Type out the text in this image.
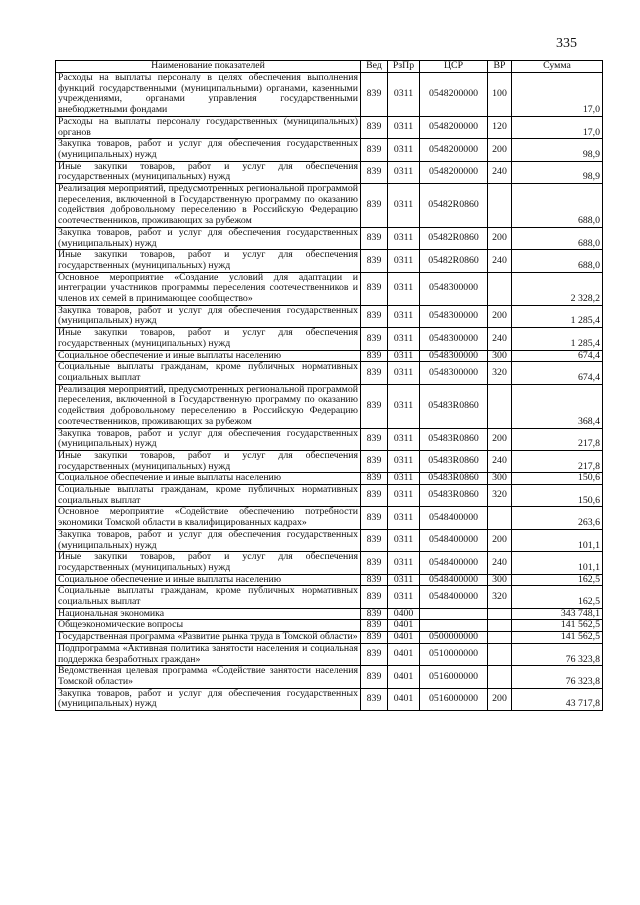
335
Наименование показателей	Вед	РзПр	ЦСР	ВР	Сумма
Расходы на выплаты персоналу в целях обеспечения выполнения функций государственными (муниципальными) органами, казенными учреждениями, органами управления государственными внебюджетными фондами	839	0311	0548200000	100	17,0
Расходы на выплаты персоналу государственных (муниципальных) органов	839	0311	0548200000	120	17,0
Закупка товаров, работ и услуг для обеспечения государственных (муниципальных) нужд	839	0311	0548200000	200	98,9
Иные закупки товаров, работ и услуг для обеспечения государственных (муниципальных) нужд	839	0311	0548200000	240	98,9
Реализация мероприятий, предусмотренных региональной программой переселения, включенной в Государственную программу по оказанию содействия добровольному переселению в Российскую Федерацию соотечественников, проживающих за рубежом	839	0311	05482R0860		688,0
Закупка товаров, работ и услуг для обеспечения государственных (муниципальных) нужд	839	0311	05482R0860	200	688,0
Иные закупки товаров, работ и услуг для обеспечения государственных (муниципальных) нужд	839	0311	05482R0860	240	688,0
Основное мероприятие «Создание условий для адаптации и интеграции участников программы переселения соотечественников и членов их семей в принимающее сообщество»	839	0311	0548300000		2 328,2
Закупка товаров, работ и услуг для обеспечения государственных (муниципальных) нужд	839	0311	0548300000	200	1 285,4
Иные закупки товаров, работ и услуг для обеспечения государственных (муниципальных) нужд	839	0311	0548300000	240	1 285,4
Социальное обеспечение и иные выплаты населению	839	0311	0548300000	300	674,4
Социальные выплаты гражданам, кроме публичных нормативных социальных выплат	839	0311	0548300000	320	674,4
Реализация мероприятий, предусмотренных региональной программой переселения, включенной в Государственную программу по оказанию содействия добровольному переселению в Российскую Федерацию соотечественников, проживающих за рубежом	839	0311	05483R0860		368,4
Закупка товаров, работ и услуг для обеспечения государственных (муниципальных) нужд	839	0311	05483R0860	200	217,8
Иные закупки товаров, работ и услуг для обеспечения государственных (муниципальных) нужд	839	0311	05483R0860	240	217,8
Социальное обеспечение и иные выплаты населению	839	0311	05483R0860	300	150,6
Социальные выплаты гражданам, кроме публичных нормативных социальных выплат	839	0311	05483R0860	320	150,6
Основное мероприятие «Содействие обеспечению потребности экономики Томской области в квалифицированных кадрах»	839	0311	0548400000		263,6
Закупка товаров, работ и услуг для обеспечения государственных (муниципальных) нужд	839	0311	0548400000	200	101,1
Иные закупки товаров, работ и услуг для обеспечения государственных (муниципальных) нужд	839	0311	0548400000	240	101,1
Социальное обеспечение и иные выплаты населению	839	0311	0548400000	300	162,5
Социальные выплаты гражданам, кроме публичных нормативных социальных выплат	839	0311	0548400000	320	162,5
Национальная экономика	839	0400			343 748,1
Общеэкономические вопросы	839	0401			141 562,5
Государственная программа «Развитие рынка труда в Томской области»	839	0401	0500000000		141 562,5
Подпрограмма «Активная политика занятости населения и социальная поддержка безработных граждан»	839	0401	0510000000		76 323,8
Ведомственная целевая программа «Содействие занятости населения Томской области»	839	0401	0516000000		76 323,8
Закупка товаров, работ и услуг для обеспечения государственных (муниципальных) нужд	839	0401	0516000000	200	43 717,8
